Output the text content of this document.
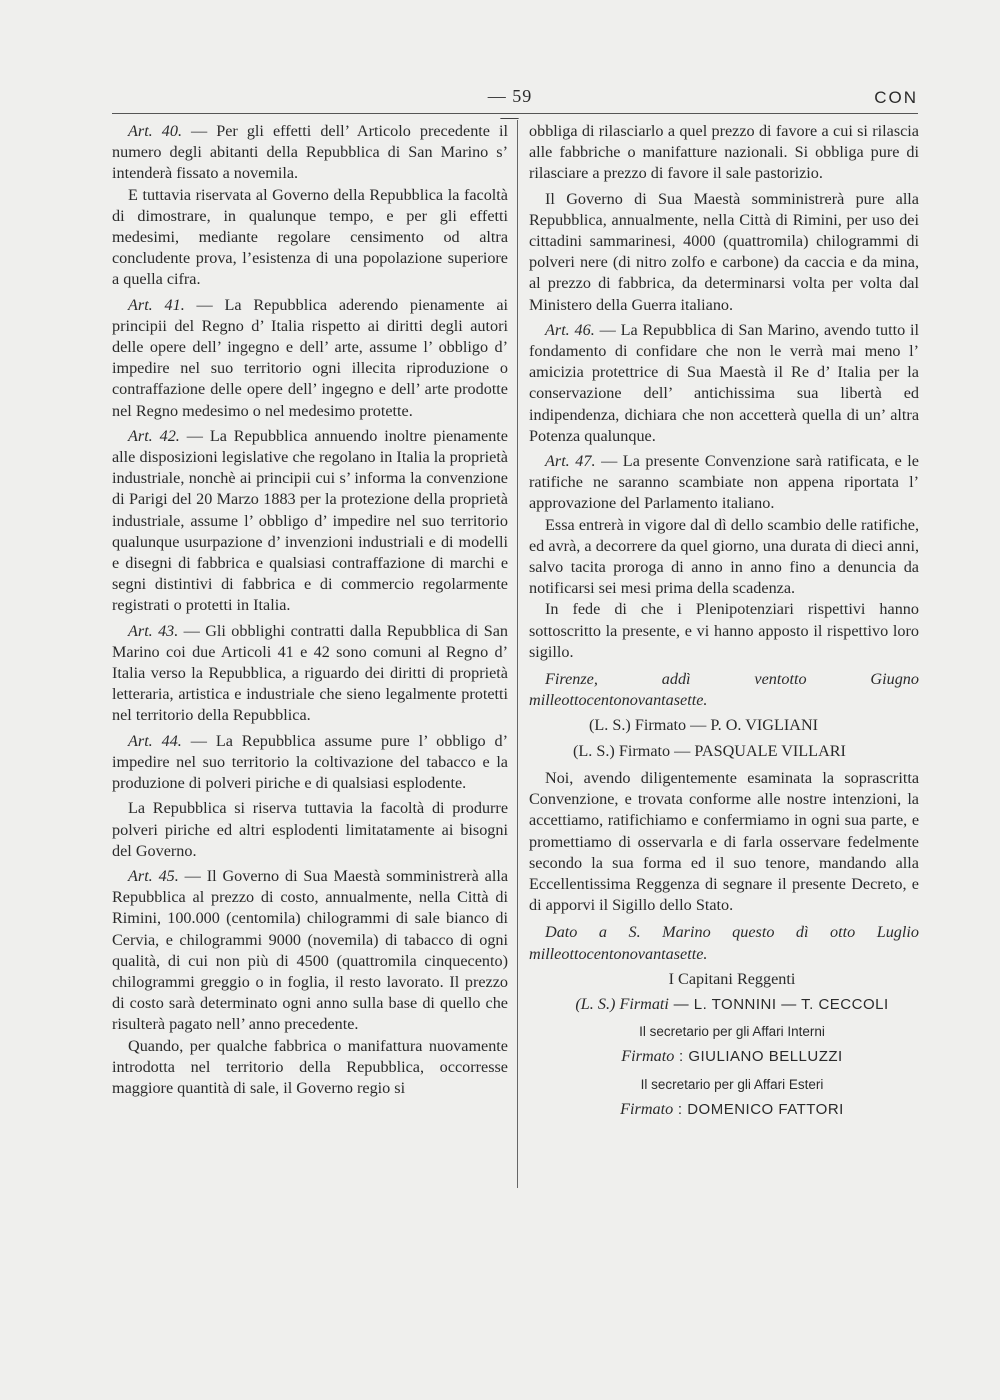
— 59 —
CON

Art. 40. — Per gli effetti dell’ Articolo precedente il numero degli abitanti della Repubblica di San Marino s’ intenderà fissato a novemila.

E tuttavia riservata al Governo della Repubblica la facoltà di dimostrare, in qualunque tempo, e per gli effetti medesimi, mediante regolare censimento od altra concludente prova, l’esistenza di una popolazione superiore a quella cifra.

Art. 41. — La Repubblica aderendo pienamente ai principii del Regno d’ Italia rispetto ai diritti degli autori delle opere dell’ ingegno e dell’ arte, assume l’ obbligo d’ impedire nel suo territorio ogni illecita riproduzione o contraffazione delle opere dell’ ingegno e dell’ arte prodotte nel Regno medesimo o nel medesimo protette.

Art. 42. — La Repubblica annuendo inoltre pienamente alle disposizioni legislative che regolano in Italia la proprietà industriale, nonchè ai principii cui s’ informa la convenzione di Parigi del 20 Marzo 1883 per la protezione della proprietà industriale, assume l’ obbligo d’ impedire nel suo territorio qualunque usurpazione d’ invenzioni industriali e di modelli e disegni di fabbrica e qualsiasi contraffazione di marchi e segni distintivi di fabbrica e di commercio regolarmente registrati o protetti in Italia.

Art. 43. — Gli obblighi contratti dalla Repubblica di San Marino coi due Articoli 41 e 42 sono comuni al Regno d’ Italia verso la Repubblica, a riguardo dei diritti di proprietà letteraria, artistica e industriale che sieno legalmente protetti nel territorio della Repubblica.

Art. 44. — La Repubblica assume pure l’ obbligo d’ impedire nel suo territorio la coltivazione del tabacco e la produzione di polveri piriche e di qualsiasi esplodente.

La Repubblica si riserva tuttavia la facoltà di produrre polveri piriche ed altri esplodenti limitatamente ai bisogni del Governo.

Art. 45. — Il Governo di Sua Maestà somministrerà alla Repubblica al prezzo di costo, annualmente, nella Città di Rimini, 100.000 (centomila) chilogrammi di sale bianco di Cervia, e chilogrammi 9000 (novemila) di tabacco di ogni qualità, di cui non più di 4500 (quattromila cinquecento) chilogrammi greggio o in foglia, il resto lavorato. Il prezzo di costo sarà determinato ogni anno sulla base di quello che risulterà pagato nell’ anno precedente.

Quando, per qualche fabbrica o manifattura nuovamente introdotta nel territorio della Repubblica, occorresse maggiore quantità di sale, il Governo regio si

obbliga di rilasciarlo a quel prezzo di favore a cui si rilascia alle fabbriche o manifatture nazionali. Si obbliga pure di rilasciare a prezzo di favore il sale pastorizio.

Il Governo di Sua Maestà somministrerà pure alla Repubblica, annualmente, nella Città di Rimini, per uso dei cittadini sammarinesi, 4000 (quattromila) chilogrammi di polveri nere (di nitro zolfo e carbone) da caccia e da mina, al prezzo di fabbrica, da determinarsi volta per volta dal Ministero della Guerra italiano.

Art. 46. — La Repubblica di San Marino, avendo tutto il fondamento di confidare che non le verrà mai meno l’ amicizia protettrice di Sua Maestà il Re d’ Italia per la conservazione dell’ antichissima sua libertà ed indipendenza, dichiara che non accetterà quella di un’ altra Potenza qualunque.

Art. 47. — La presente Convenzione sarà ratificata, e le ratifiche ne saranno scambiate non appena riportata l’ approvazione del Parlamento italiano.

Essa entrerà in vigore dal dì dello scambio delle ratifiche, ed avrà, a decorrere da quel giorno, una durata di dieci anni, salvo tacita proroga di anno in anno fino a denuncia da notificarsi sei mesi prima della scadenza.

In fede di che i Plenipotenziari rispettivi hanno sottoscritto la presente, e vi hanno apposto il rispettivo loro sigillo.

Firenze, addì ventotto Giugno milleottocentonovantasette.

(L. S.) Firmato — P. O. VIGLIANI

(L. S.) Firmato — PASQUALE VILLARI

Noi, avendo diligentemente esaminata la soprascritta Convenzione, e trovata conforme alle nostre intenzioni, la accettiamo, ratifichiamo e confermiamo in ogni sua parte, e promettiamo di osservarla e di farla osservare fedelmente secondo la sua forma ed il suo tenore, mandando alla Eccellentissima Reggenza di segnare il presente Decreto, e di apporvi il Sigillo dello Stato.

Dato a S. Marino questo dì otto Luglio milleottocentonovantasette.

I Capitani Reggenti

(L. S.) Firmati — L. TONNINI — T. CECCOLI

Il secretario per gli Affari Interni

Firmato : GIULIANO BELLUZZI

Il secretario per gli Affari Esteri

Firmato : DOMENICO FATTORI
